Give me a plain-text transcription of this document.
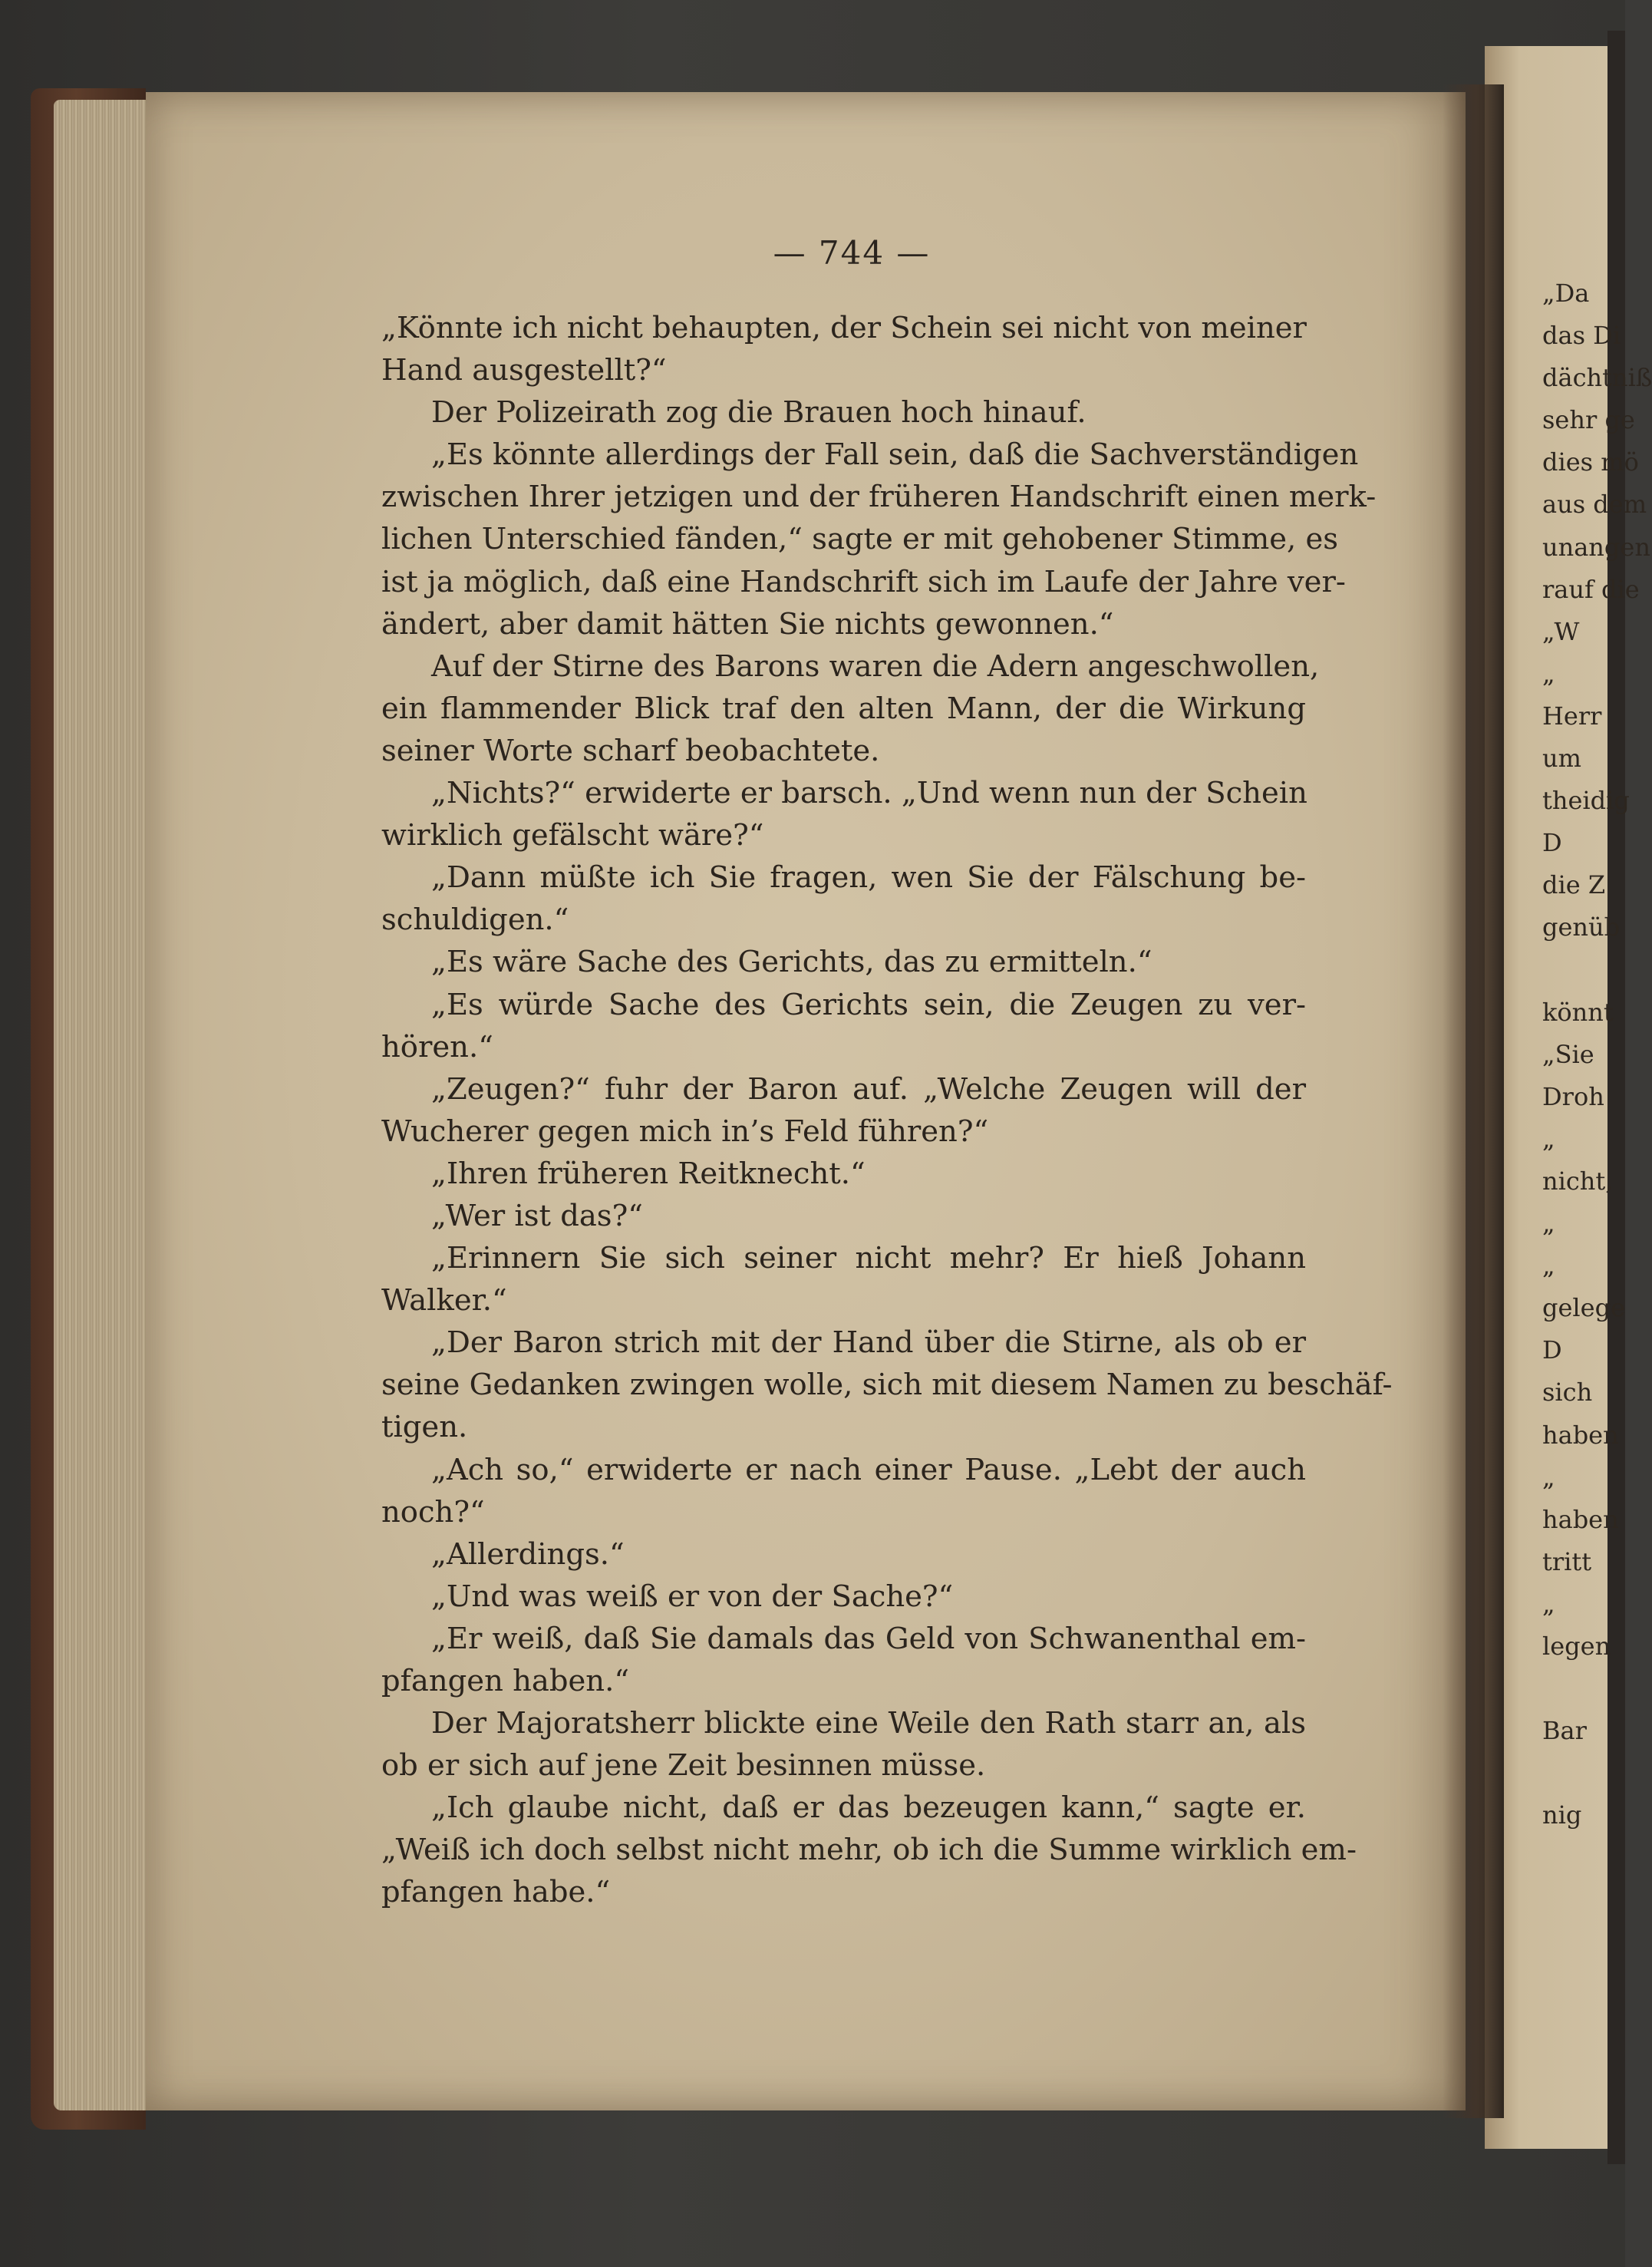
— 744 —
„Könnte ich nicht behaupten, der Schein sei nicht von meiner
Hand ausgestellt?“
Der Polizeirath zog die Brauen hoch hinauf.
„Es könnte allerdings der Fall sein, daß die Sachverständigen
zwischen Ihrer jetzigen und der früheren Handschrift einen merk-
lichen Unterschied fänden,“ sagte er mit gehobener Stimme, es
ist ja möglich, daß eine Handschrift sich im Laufe der Jahre ver-
ändert, aber damit hätten Sie nichts gewonnen.“
Auf der Stirne des Barons waren die Adern angeschwollen,
ein flammender Blick traf den alten Mann, der die Wirkung
seiner Worte scharf beobachtete.
„Nichts?“ erwiderte er barsch. „Und wenn nun der Schein
wirklich gefälscht wäre?“
„Dann müßte ich Sie fragen, wen Sie der Fälschung be-
schuldigen.“
„Es wäre Sache des Gerichts, das zu ermitteln.“
„Es würde Sache des Gerichts sein, die Zeugen zu ver-
hören.“
„Zeugen?“ fuhr der Baron auf. „Welche Zeugen will der
Wucherer gegen mich in’s Feld führen?“
„Ihren früheren Reitknecht.“
„Wer ist das?“
„Erinnern Sie sich seiner nicht mehr? Er hieß Johann
Walker.“
„Der Baron strich mit der Hand über die Stirne, als ob er
seine Gedanken zwingen wolle, sich mit diesem Namen zu beschäf-
tigen.
„Ach so,“ erwiderte er nach einer Pause. „Lebt der auch
noch?“
„Allerdings.“
„Und was weiß er von der Sache?“
„Er weiß, daß Sie damals das Geld von Schwanenthal em-
pfangen haben.“
Der Majoratsherr blickte eine Weile den Rath starr an, als
ob er sich auf jene Zeit besinnen müsse.
„Ich glaube nicht, daß er das bezeugen kann,“ sagte er.
„Weiß ich doch selbst nicht mehr, ob ich die Summe wirklich em-
pfangen habe.“
„Da
das Di
dächtniß
sehr ge
dies mö
aus dem
unangen
rauf die
„W
„
Herr
um
theidig
D
die Z
genüb
könnt
„Sie
Droh
„
nicht,
„
„
gelege
D
sich
haben
„
haben
tritt
„
legen
Bar
nig
